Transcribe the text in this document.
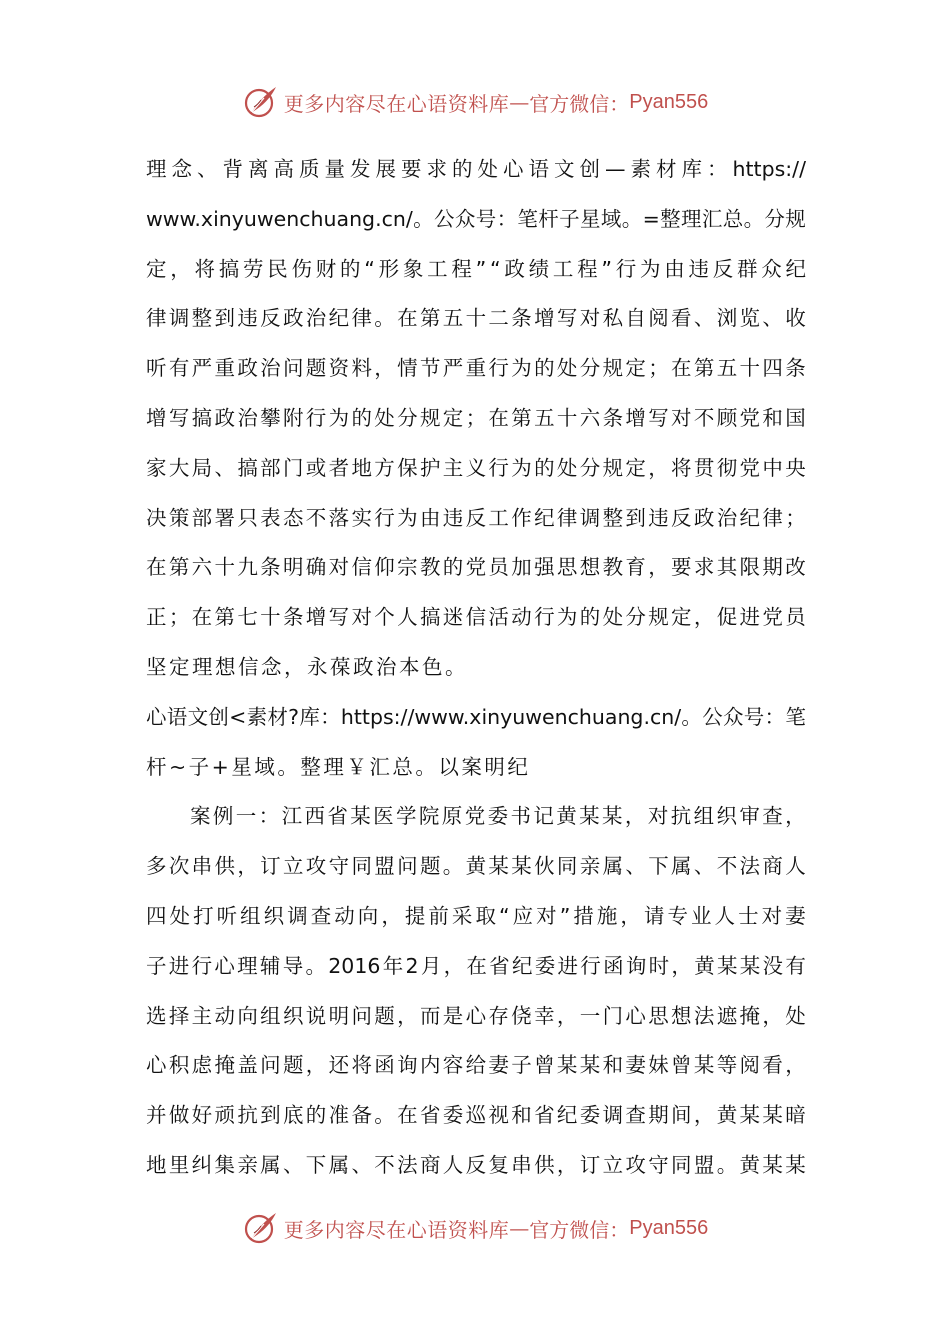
更多内容尽在心语资料库 — 官方微信： Pyan556
理 念 、 背 离 高 质 量 发 展 要 求 的 处 心 语 文 创 — 素 材 库 ： https://
www.xinyuwenchuang.cn/ 。 公 众 号 ： 笔 杆 子 星 域 。 = 整 理 汇 总 。 分 规
定 ， 将 搞 劳 民 伤 财 的 “ 形 象 工 程 ” “ 政 绩 工 程 ” 行 为 由 违 反 群 众 纪
律 调 整 到 违 反 政 治 纪 律 。 在 第 五 十 二 条 增 写 对 私 自 阅 看 、 浏 览 、 收
听 有 严 重 政 治 问 题 资 料 ， 情 节 严 重 行 为 的 处 分 规 定 ； 在 第 五 十 四 条
增 写 搞 政 治 攀 附 行 为 的 处 分 规 定 ； 在 第 五 十 六 条 增 写 对 不 顾 党 和 国
家 大 局 、 搞 部 门 或 者 地 方 保 护 主 义 行 为 的 处 分 规 定 ， 将 贯 彻 党 中 央
决 策 部 署 只 表 态 不 落 实 行 为 由 违 反 工 作 纪 律 调 整 到 违 反 政 治 纪 律 ；
在 第 六 十 九 条 明 确 对 信 仰 宗 教 的 党 员 加 强 思 想 教 育 ， 要 求 其 限 期 改
正 ； 在 第 七 十 条 增 写 对 个 人 搞 迷 信 活 动 行 为 的 处 分 规 定 ， 促 进 党 员
坚定理想信念，永葆政治本色。
心 语 文 创 < 素 材 ? 库 ： https://www.xinyuwenchuang.cn/ 。 公 众 号 ： 笔
杆~子+星域。整理￥汇总。以案明纪
案 例 一 ： 江 西 省 某 医 学 院 原 党 委 书 记 黄 某 某 ， 对 抗 组 织 审 查 ，
多 次 串 供 ， 订 立 攻 守 同 盟 问 题 。 黄 某 某 伙 同 亲 属 、 下 属 、 不 法 商 人
四 处 打 听 组 织 调 查 动 向 ， 提 前 采 取 “ 应 对 ” 措 施 ， 请 专 业 人 士 对 妻
子 进 行 心 理 辅 导 。 2016 年 2 月 ， 在 省 纪 委 进 行 函 询 时 ， 黄 某 某 没 有
选 择 主 动 向 组 织 说 明 问 题 ， 而 是 心 存 侥 幸 ， 一 门 心 思 想 法 遮 掩 ， 处
心 积 虑 掩 盖 问 题 ， 还 将 函 询 内 容 给 妻 子 曾 某 某 和 妻 妹 曾 某 等 阅 看 ，
并 做 好 顽 抗 到 底 的 准 备 。 在 省 委 巡 视 和 省 纪 委 调 查 期 间 ， 黄 某 某 暗
地 里 纠 集 亲 属 、 下 属 、 不 法 商 人 反 复 串 供 ， 订 立 攻 守 同 盟 。 黄 某 某
更多内容尽在心语资料库 — 官方微信： Pyan556
